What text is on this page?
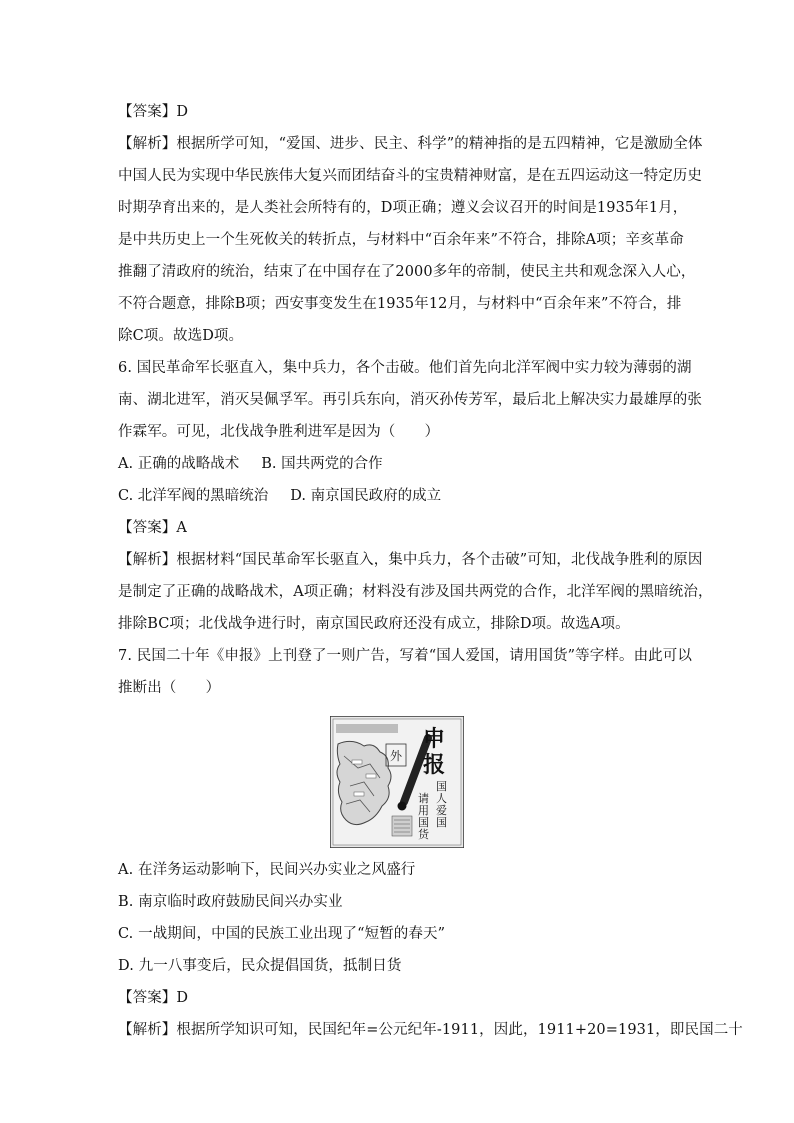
【答案】D
【解析】根据所学可知，“爱国、进步、民主、科学”的精神指的是五四精神，它是激励全体
中国人民为实现中华民族伟大复兴而团结奋斗的宝贵精神财富，是在五四运动这一特定历史
时期孕育出来的，是人类社会所特有的，D项正确；遵义会议召开的时间是1935年1月，
是中共历史上一个生死攸关的转折点，与材料中“百余年来”不符合，排除A项；辛亥革命
推翻了清政府的统治，结束了在中国存在了2000多年的帝制，使民主共和观念深入人心，
不符合题意，排除B项；西安事变发生在1935年12月，与材料中“百余年来”不符合，排
除C项。故选D项。
6. 国民革命军长驱直入，集中兵力，各个击破。他们首先向北洋军阀中实力较为薄弱的湖
南、湖北进军，消灭吴佩孚军。再引兵东向，消灭孙传芳军，最后北上解决实力最雄厚的张
作霖军。可见，北伐战争胜利进军是因为（　　）
A. 正确的战略战术 B. 国共两党的合作
C. 北洋军阀的黑暗统治 D. 南京国民政府的成立
【答案】A
【解析】根据材料“国民革命军长驱直入，集中兵力，各个击破”可知，北伐战争胜利的原因
是制定了正确的战略战术，A项正确；材料没有涉及国共两党的合作，北洋军阀的黑暗统治，
排除BC项；北伐战争进行时，南京国民政府还没有成立，排除D项。故选A项。
7. 民国二十年《申报》上刊登了一则广告，写着“国人爱国，请用国货”等字样。由此可以
推断出（　　）
外
申
报
国
人
爱
国
请
用
国
货
A. 在洋务运动影响下，民间兴办实业之风盛行
B. 南京临时政府鼓励民间兴办实业
C. 一战期间，中国的民族工业出现了“短暂的春天”
D. 九一八事变后，民众提倡国货，抵制日货
【答案】D
【解析】根据所学知识可知，民国纪年=公元纪年-1911，因此，1911+20=1931，即民国二十
